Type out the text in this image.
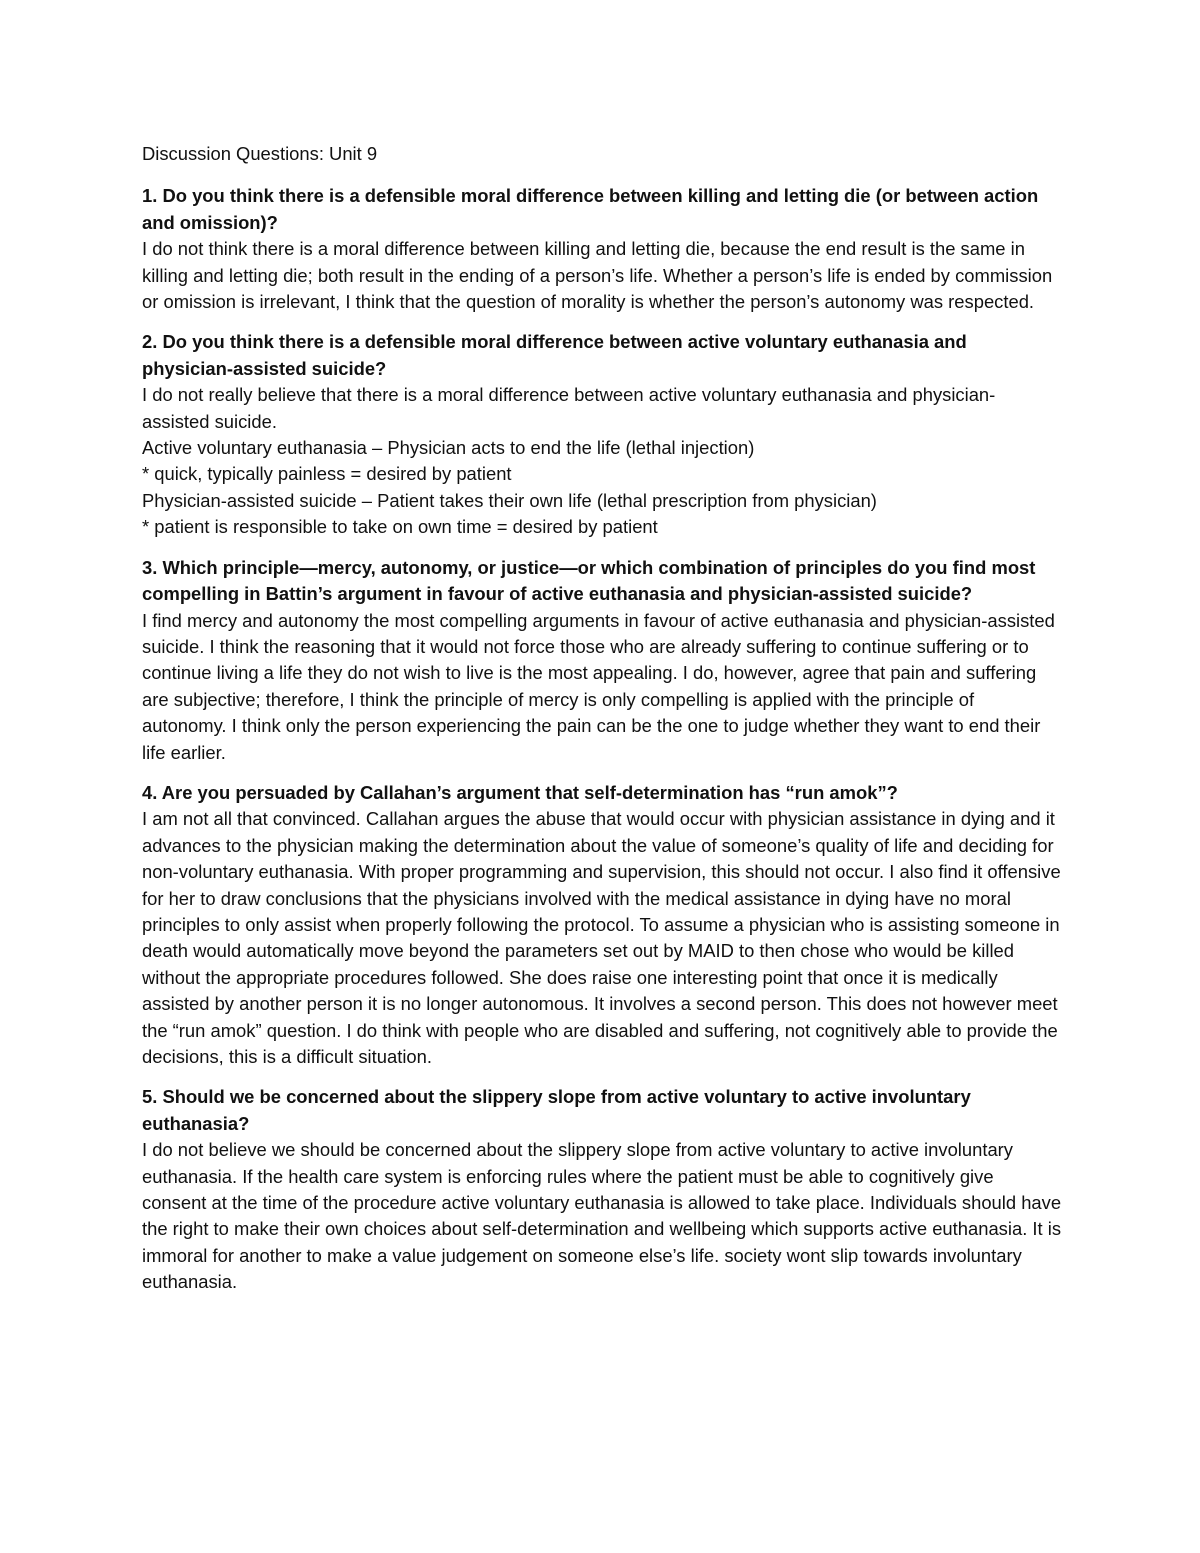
Discussion Questions: Unit 9
1. Do you think there is a defensible moral difference between killing and letting die (or between action and omission)?

I do not think there is a moral difference between killing and letting die, because the end result is the same in killing and letting die; both result in the ending of a person’s life. Whether a person’s life is ended by commission or omission is irrelevant, I think that the question of morality is whether the person’s autonomy was respected.

2. Do you think there is a defensible moral difference between active voluntary euthanasia and physician-assisted suicide?

I do not really believe that there is a moral difference between active voluntary euthanasia and physician-assisted suicide.

Active voluntary euthanasia – Physician acts to end the life (lethal injection)

* quick, typically painless = desired by patient

Physician-assisted suicide – Patient takes their own life (lethal prescription from physician)

* patient is responsible to take on own time = desired by patient

3. Which principle—mercy, autonomy, or justice—or which combination of principles do you find most compelling in Battin’s argument in favour of active euthanasia and physician-assisted suicide?

I find mercy and autonomy the most compelling arguments in favour of active euthanasia and physician-assisted suicide. I think the reasoning that it would not force those who are already suffering to continue suffering or to continue living a life they do not wish to live is the most appealing. I do, however, agree that pain and suffering are subjective; therefore, I think the principle of mercy is only compelling is applied with the principle of autonomy. I think only the person experiencing the pain can be the one to judge whether they want to end their life earlier.

4. Are you persuaded by Callahan’s argument that self-determination has “run amok”?

I am not all that convinced. Callahan argues the abuse that would occur with physician assistance in dying and it advances to the physician making the determination about the value of someone’s quality of life and deciding for non-voluntary euthanasia. With proper programming and supervision, this should not occur. I also find it offensive for her to draw conclusions that the physicians involved with the medical assistance in dying have no moral principles to only assist when properly following the protocol. To assume a physician who is assisting someone in death would automatically move beyond the parameters set out by MAID to then chose who would be killed without the appropriate procedures followed. She does raise one interesting point that once it is medically assisted by another person it is no longer autonomous. It involves a second person. This does not however meet the “run amok” question. I do think with people who are disabled and suffering, not cognitively able to provide the decisions, this is a difficult situation.

5. Should we be concerned about the slippery slope from active voluntary to active involuntary euthanasia?

I do not believe we should be concerned about the slippery slope from active voluntary to active involuntary euthanasia. If the health care system is enforcing rules where the patient must be able to cognitively give consent at the time of the procedure active voluntary euthanasia is allowed to take place. Individuals should have the right to make their own choices about self-determination and wellbeing which supports active euthanasia. It is immoral for another to make a value judgement on someone else’s life. society wont slip towards involuntary euthanasia.
